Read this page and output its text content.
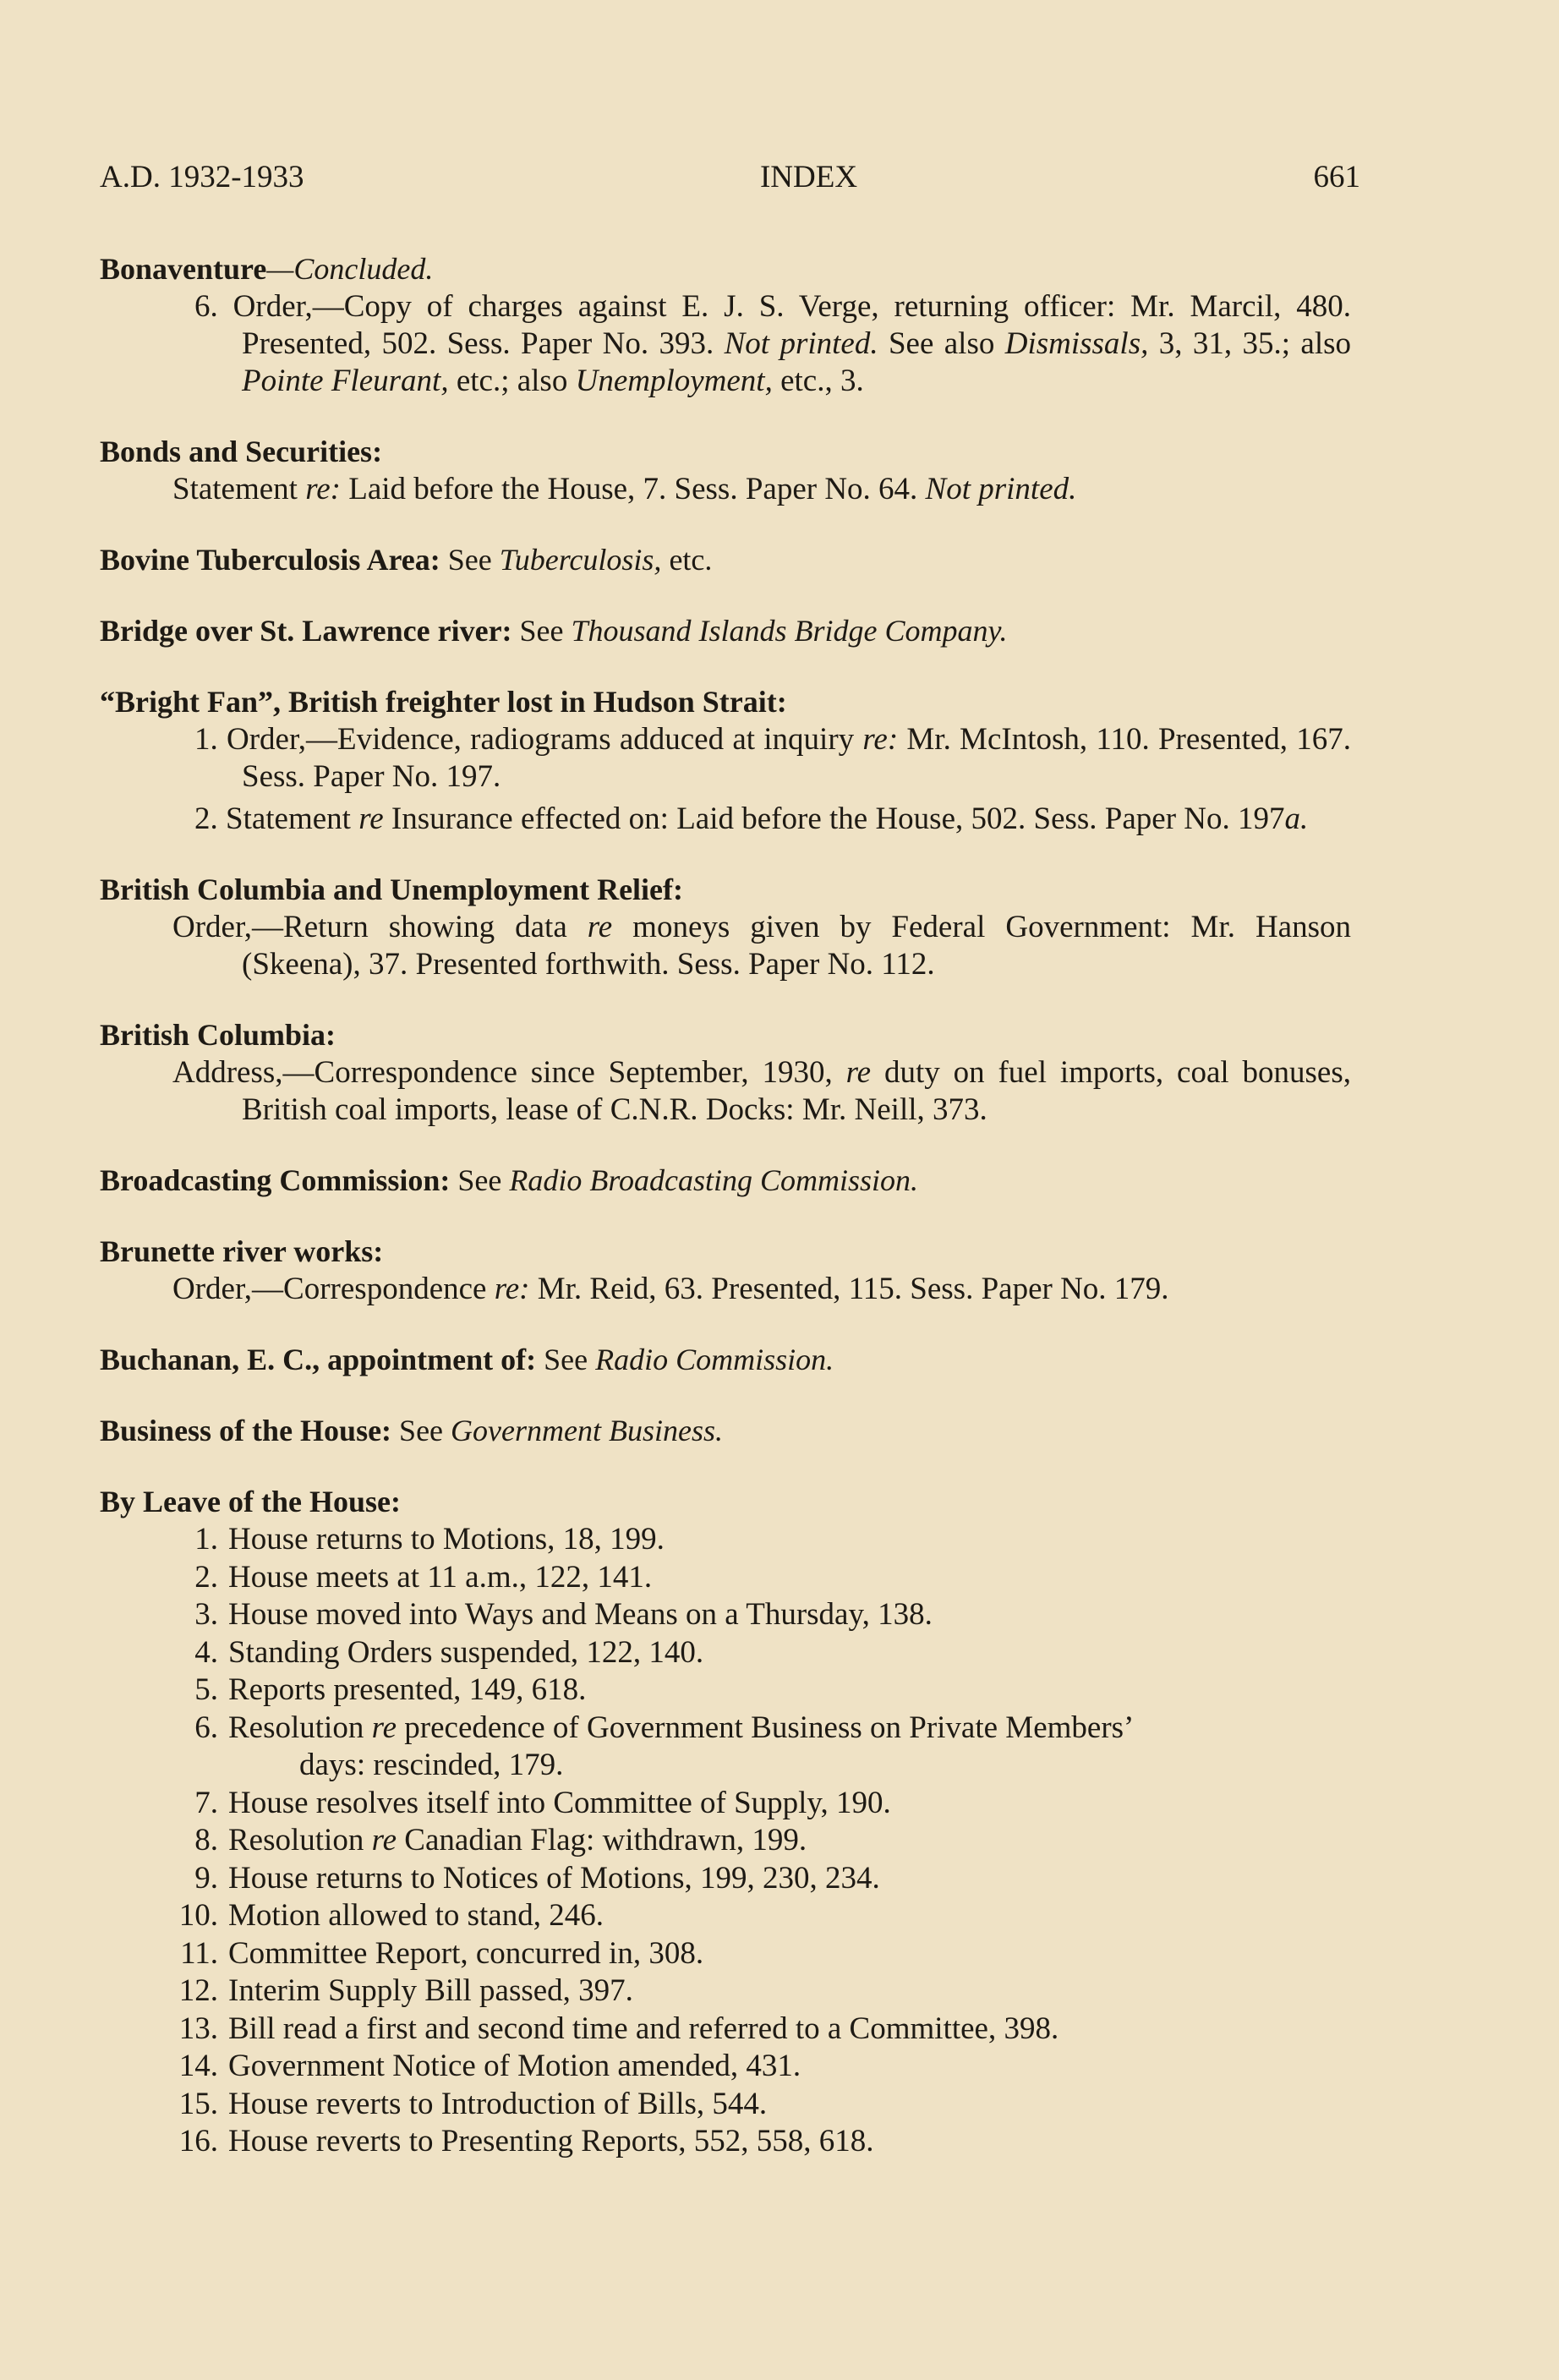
A.D. 1932-1933	INDEX	661

Bonaventure—Concluded.

6. Order,—Copy of charges against E. J. S. Verge, returning officer: Mr. Marcil, 480. Presented, 502. Sess. Paper No. 393. Not printed. See also Dismissals, 3, 31, 35.; also Pointe Fleurant, etc.; also Unemployment, etc., 3.

Bonds and Securities:

Statement re: Laid before the House, 7. Sess. Paper No. 64. Not printed.

Bovine Tuberculosis Area: See Tuberculosis, etc.

Bridge over St. Lawrence river: See Thousand Islands Bridge Company.

“Bright Fan”, British freighter lost in Hudson Strait:

1. Order,—Evidence, radiograms adduced at inquiry re: Mr. McIntosh, 110. Presented, 167. Sess. Paper No. 197.

2. Statement re Insurance effected on: Laid before the House, 502. Sess. Paper No. 197a.

British Columbia and Unemployment Relief:

Order,—Return showing data re moneys given by Federal Government: Mr. Hanson (Skeena), 37. Presented forthwith. Sess. Paper No. 112.

British Columbia:

Address,—Correspondence since September, 1930, re duty on fuel imports, coal bonuses, British coal imports, lease of C.N.R. Docks: Mr. Neill, 373.

Broadcasting Commission: See Radio Broadcasting Commission.

Brunette river works:

Order,—Correspondence re: Mr. Reid, 63. Presented, 115. Sess. Paper No. 179.

Buchanan, E. C., appointment of: See Radio Commission.

Business of the House: See Government Business.

By Leave of the House:

1. House returns to Motions, 18, 199.

2. House meets at 11 a.m., 122, 141.

3. House moved into Ways and Means on a Thursday, 138.

4. Standing Orders suspended, 122, 140.

5. Reports presented, 149, 618.

6. Resolution re precedence of Government Business on Private Members’
days: rescinded, 179.

7. House resolves itself into Committee of Supply, 190.

8. Resolution re Canadian Flag: withdrawn, 199.

9. House returns to Notices of Motions, 199, 230, 234.

10. Motion allowed to stand, 246.

11. Committee Report, concurred in, 308.

12. Interim Supply Bill passed, 397.

13. Bill read a first and second time and referred to a Committee, 398.

14. Government Notice of Motion amended, 431.

15. House reverts to Introduction of Bills, 544.

16. House reverts to Presenting Reports, 552, 558, 618.
